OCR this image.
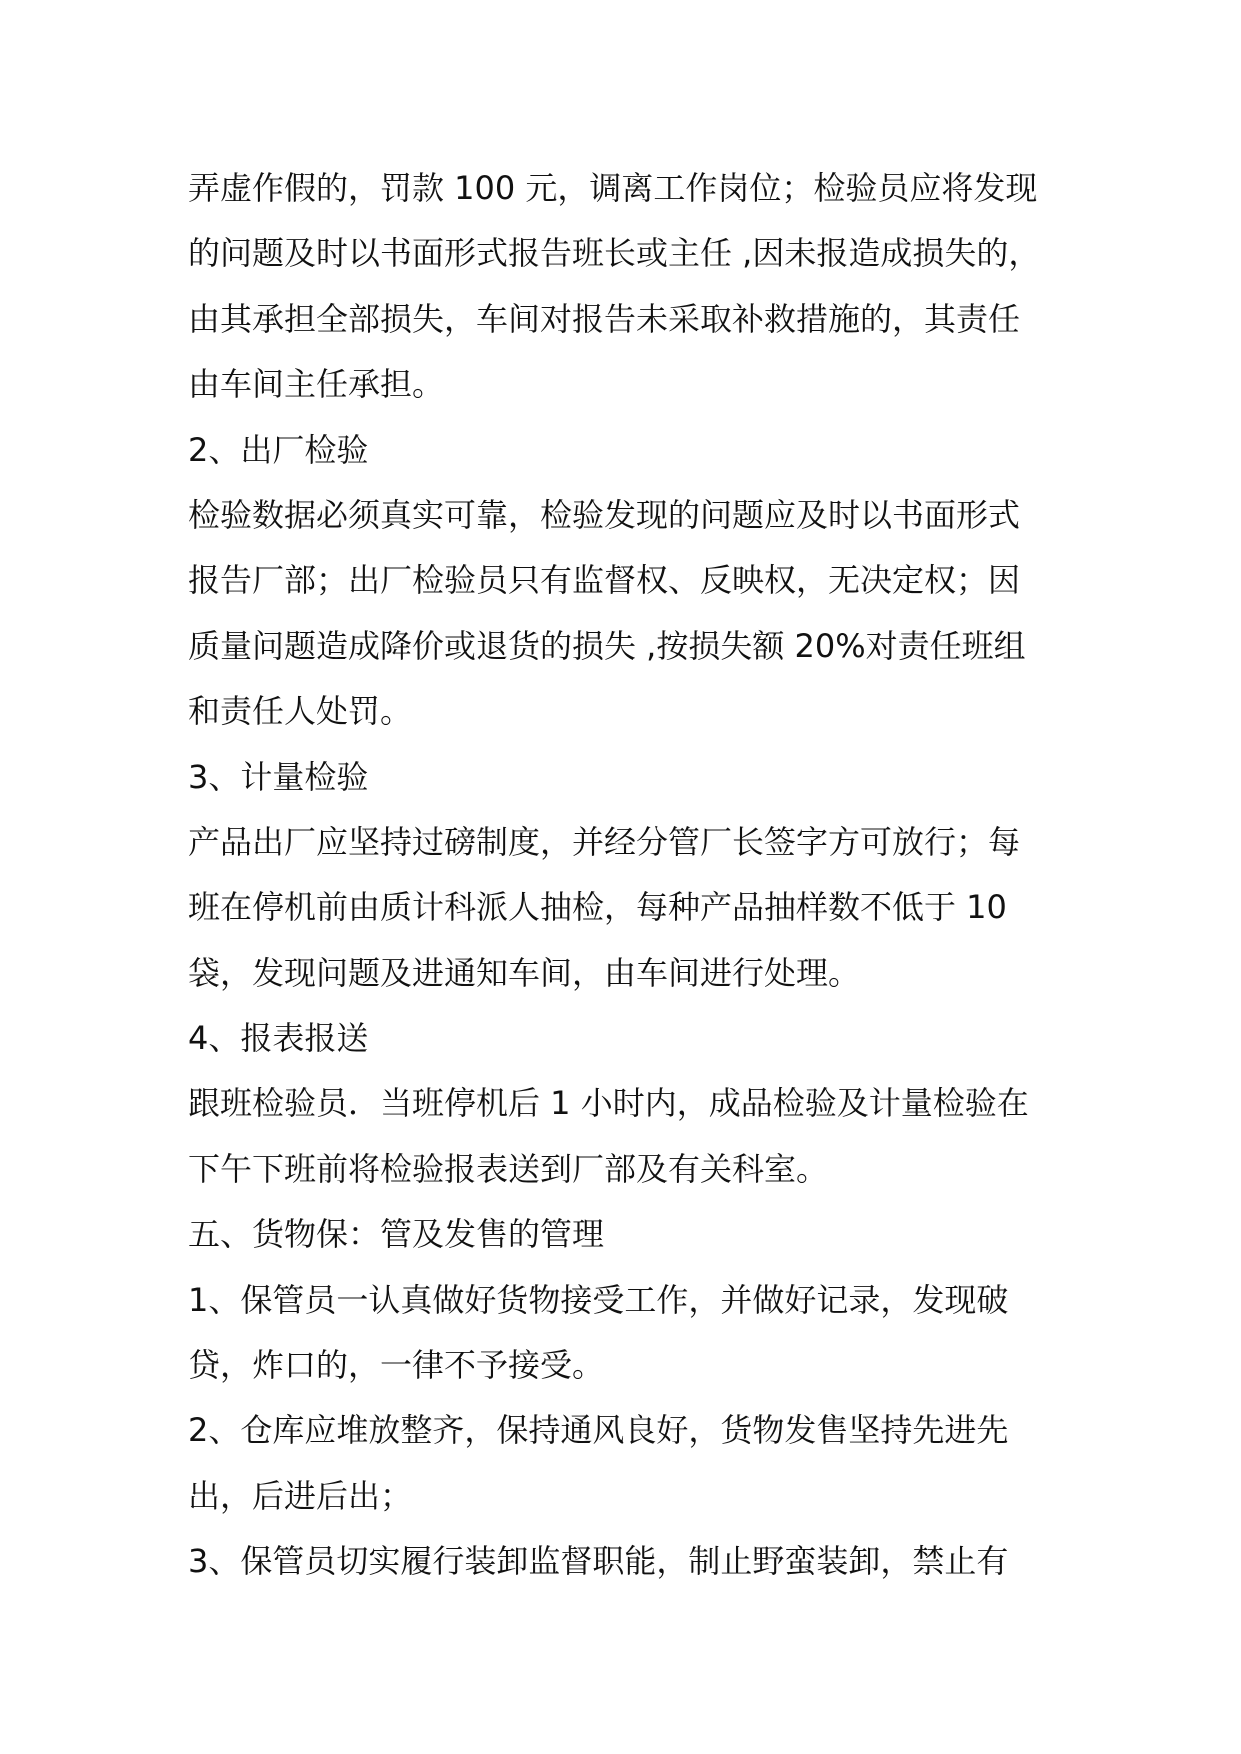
弄虚作假的，罚款 100 元，调离工作岗位；检验员应将发现
的问题及时以书面形式报告班长或主任 ,因未报造成损失的，
由其承担全部损失，车间对报告未采取补救措施的，其责任
由车间主任承担。
2、出厂检验
检验数据必须真实可靠，检验发现的问题应及时以书面形式
报告厂部；出厂检验员只有监督权、反映权，无决定权；因
质量问题造成降价或退货的损失 ,按损失额 20%对责任班组
和责任人处罚。
3、计量检验
产品出厂应坚持过磅制度，并经分管厂长签字方可放行；每
班在停机前由质计科派人抽检，每种产品抽样数不低于 10
袋，发现问题及进通知车间，由车间进行处理。
4、报表报送
跟班检验员．当班停机后 1 小时内，成品检验及计量检验在
下午下班前将检验报表送到厂部及有关科室。
五、货物保：管及发售的管理
1、保管员一认真做好货物接受工作，并做好记录，发现破
贷，炸口的，一律不予接受。
2、仓库应堆放整齐，保持通风良好，货物发售坚持先进先
出，后进后出；
3、保管员切实履行装卸监督职能，制止野蛮装卸，禁止有
